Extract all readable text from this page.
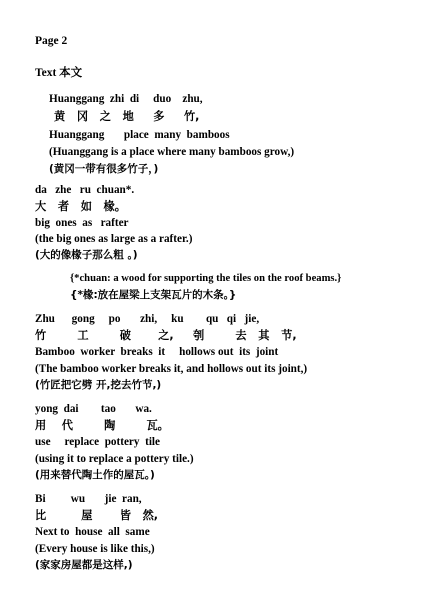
Page 2
Text 本文
Huanggang  zhi  di     duo    zhu,
黄   冈   之   地     多     竹,
Huanggang       place  many  bamboos
(Huanggang is a place where many bamboos grow,)
(黄冈一带有很多竹子，)
da   zhe   ru  chuan*.
大   者   如   椽。
big  ones  as   rafter
(the big ones as large as a rafter.)
(大的像椽子那么粗 。)
{*chuan: a wood for supporting the tiles on the roof beams.}
{*椽:放在屋梁上支架瓦片的木条。}
Zhu      gong     po       zhi,     ku        qu   qi   jie,
竹        工        破       之,     刳        去   其   节,
Bamboo  worker  breaks  it     hollows out  its  joint
(The bamboo worker breaks it, and hollows out its joint,)
(竹匠把它劈 开,挖去竹节,)
yong  dai        tao       wa.
用    代        陶        瓦。
use     replace  pottery  tile
(using it to replace a pottery tile.)
(用来替代陶土作的屋瓦。)
Bi         wu       jie  ran,
比         屋       皆   然,
Next to  house  all  same
(Every house is like this,)
(家家房屋都是这样,)
